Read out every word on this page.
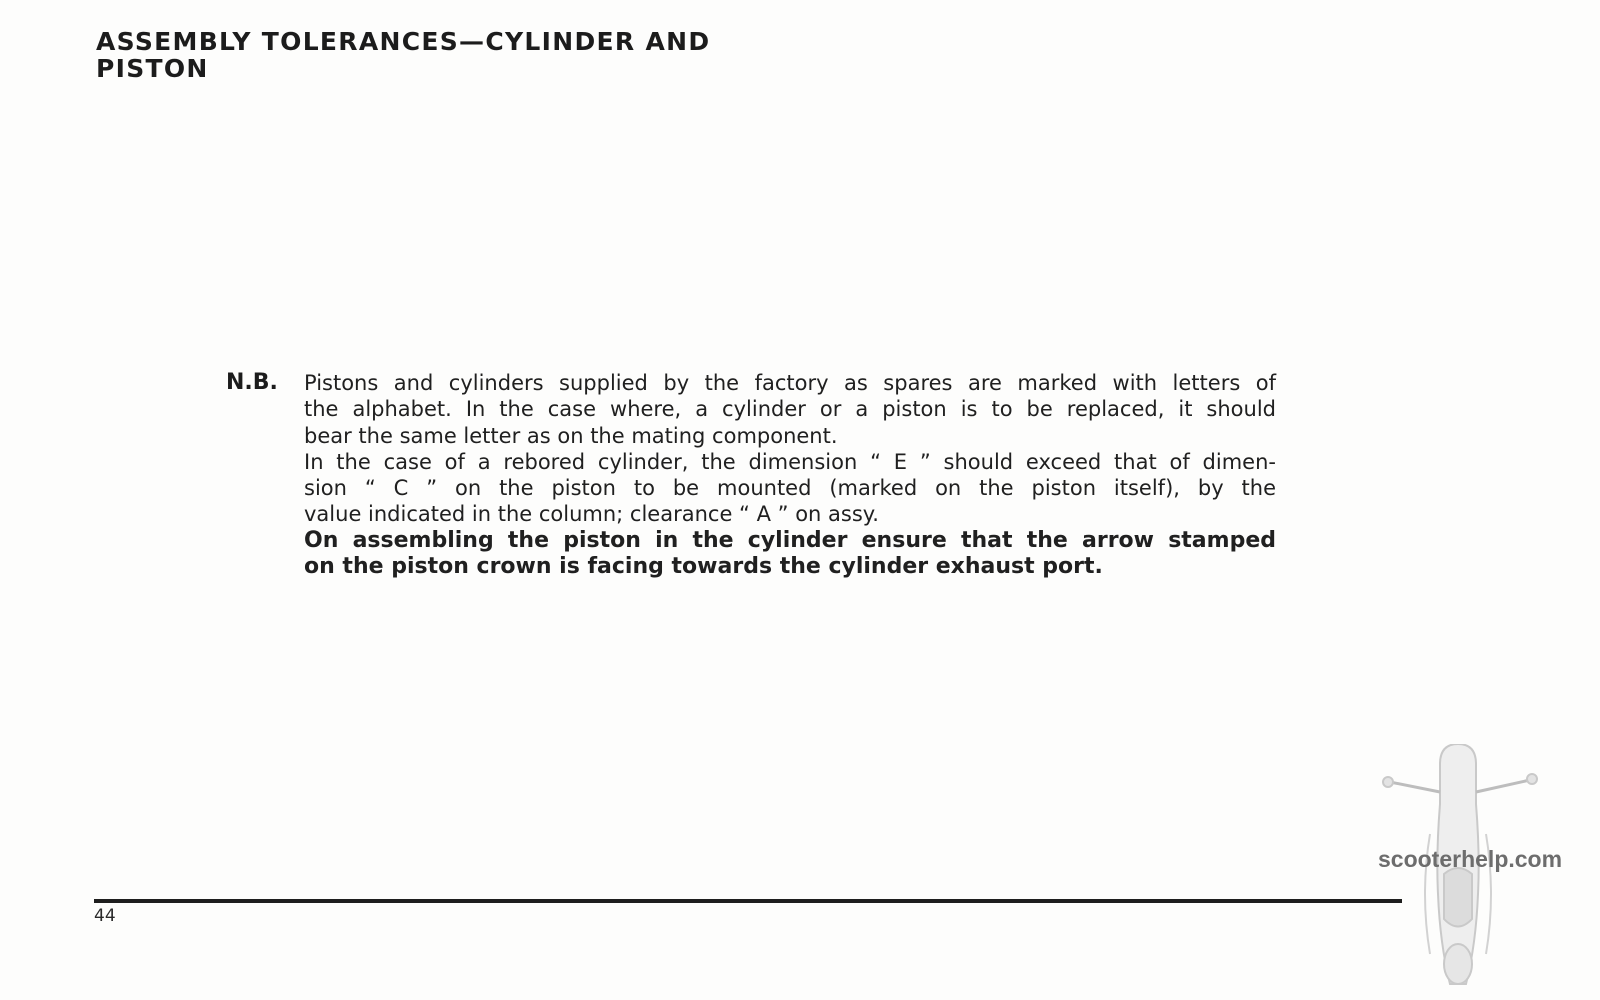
ASSEMBLY TOLERANCES—CYLINDER AND
PISTON
N.B. Pistons and cylinders supplied by the factory as spares are marked with letters of
the alphabet. In the case where, a cylinder or a piston is to be replaced, it should
bear the same letter as on the mating component.
In the case of a rebored cylinder, the dimension “ E ” should exceed that of dimen-
sion “ C ” on the piston to be mounted (marked on the piston itself), by the
value indicated in the column; clearance “ A ” on assy.
On assembling the piston in the cylinder ensure that the arrow stamped
on the piston crown is facing towards the cylinder exhaust port.
44
scooterhelp.com
